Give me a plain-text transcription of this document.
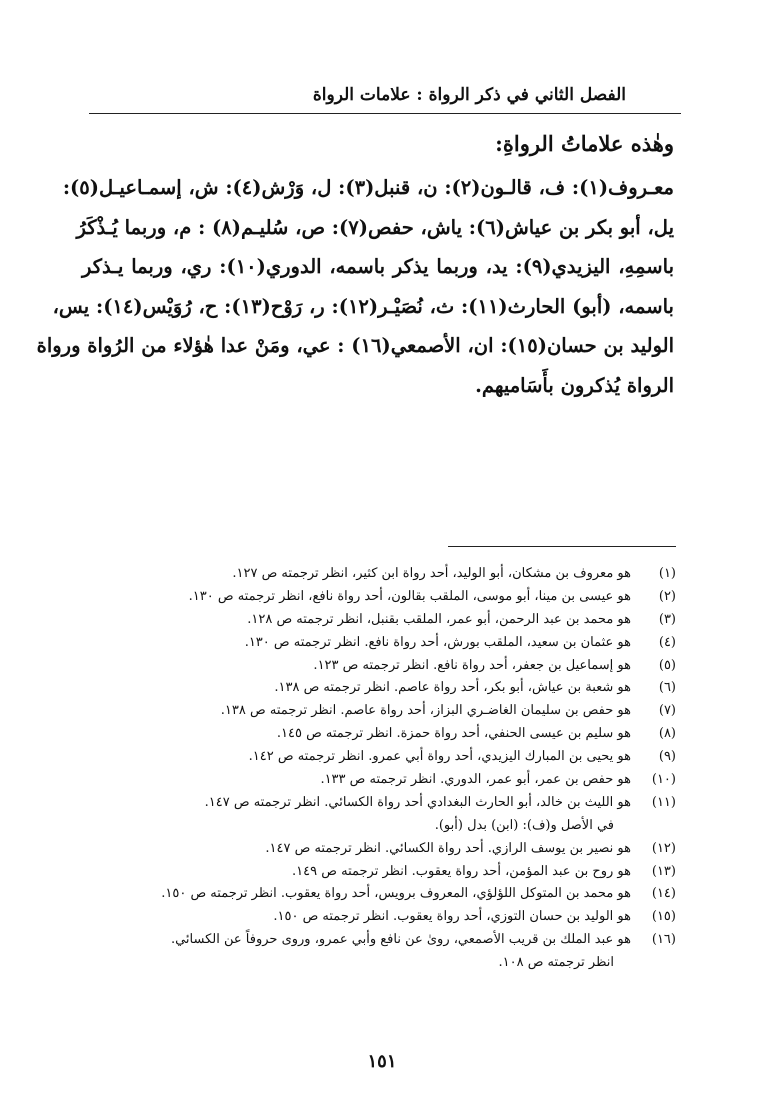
الفصل الثاني في ذكر الرواة : علامات الرواة
وهٰذه علاماتُ الرواةِ:
معـروف(١): ف، قالـون(٢): ن، قنبل(٣): ل، وَرْش(٤): ش، إسمـاعيـل(٥):
يل، أبو بكر بن عياش(٦): ياش، حفص(٧): ص، سُليـم(٨) : م، وربما يُـذْكَرُ
باسمِهِ، اليزيدي(٩): يد، وربما يذكر باسمه، الدوري(١٠): ري، وربما يـذكر
باسمه، (أبو) الحارث(١١): ث، نُصَيْـر(١٢): ر، رَوْح(١٣): ح، رُوَيْس(١٤): يس،
الوليد بن حسان(١٥): ان، الأصمعي(١٦) : عي، ومَنْ عدا هٰؤلاء من الرُواة ورواة
الرواة يُذكرون بأَسَاميهم.
(١)
هو معروف بن مشكان، أبو الوليد، أحد رواة ابن كثير، انظر ترجمته ص ١٢٧.
(٢)
هو عيسى بن مينا، أبو موسى، الملقب بقالون، أحد رواة نافع، انظر ترجمته ص ١٣٠.
(٣)
هو محمد بن عبد الرحمن، أبو عمر، الملقب بقنبل، انظر ترجمته ص ١٢٨.
(٤)
هو عثمان بن سعيد، الملقب بورش، أحد رواة نافع. انظر ترجمته ص ١٣٠.
(٥)
هو إسماعيل بن جعفر، أحد رواة نافع. انظر ترجمته ص ١٢٣.
(٦)
هو شعبة بن عياش، أبو بكر، أحد رواة عاصم. انظر ترجمته ص ١٣٨.
(٧)
هو حفص بن سليمان الغاضـري البزاز، أحد رواة عاصم. انظر ترجمته ص ١٣٨.
(٨)
هو سليم بن عيسى الحنفي، أحد رواة حمزة. انظر ترجمته ص ١٤٥.
(٩)
هو يحيى بن المبارك اليزيدي، أحد رواة أبي عمرو. انظر ترجمته ص ١٤٢.
(١٠)
هو حفص بن عمر، أبو عمر، الدوري. انظر ترجمته ص ١٣٣.
(١١)
هو الليث بن خالد، أبو الحارث البغدادي أحد رواة الكسائي. انظر ترجمته ص ١٤٧.
في الأصل و(ف): (ابن) بدل (أبو).
(١٢)
هو نصير بن يوسف الرازي. أحد رواة الكسائي. انظر ترجمته ص ١٤٧.
(١٣)
هو روح بن عبد المؤمن، أحد رواة يعقوب. انظر ترجمته ص ١٤٩.
(١٤)
هو محمد بن المتوكل اللؤلؤي، المعروف برويس، أحد رواة يعقوب. انظر ترجمته ص ١٥٠.
(١٥)
هو الوليد بن حسان التوزي، أحد رواة يعقوب. انظر ترجمته ص ١٥٠.
(١٦)
هو عبد الملك بن قريب الأصمعي، روىٰ عن نافع وأبي عمرو، وروى حروفاً عن الكسائي.
انظر ترجمته ص ١٠٨.
١٥١
